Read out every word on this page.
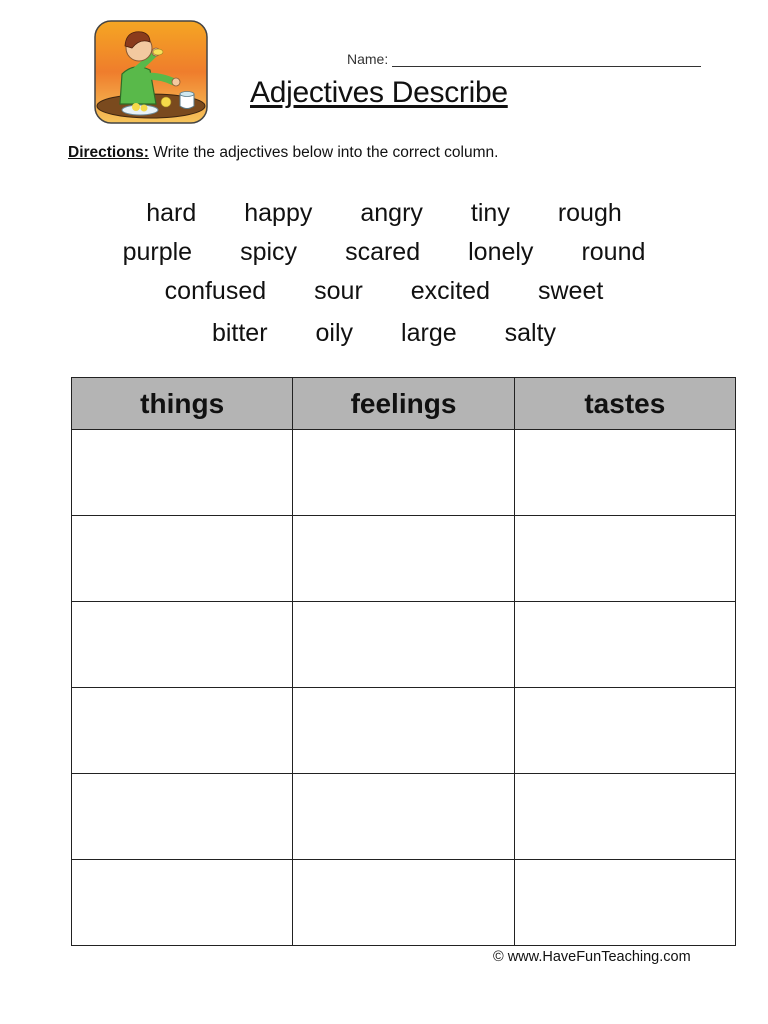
Name:
Adjectives Describe
Directions: Write the adjectives below into the correct column.
hard happy angry tiny rough
purple spicy scared lonely round
confused sour excited sweet
bitter oily large salty
things	feelings	tastes

© www.HaveFunTeaching.com
